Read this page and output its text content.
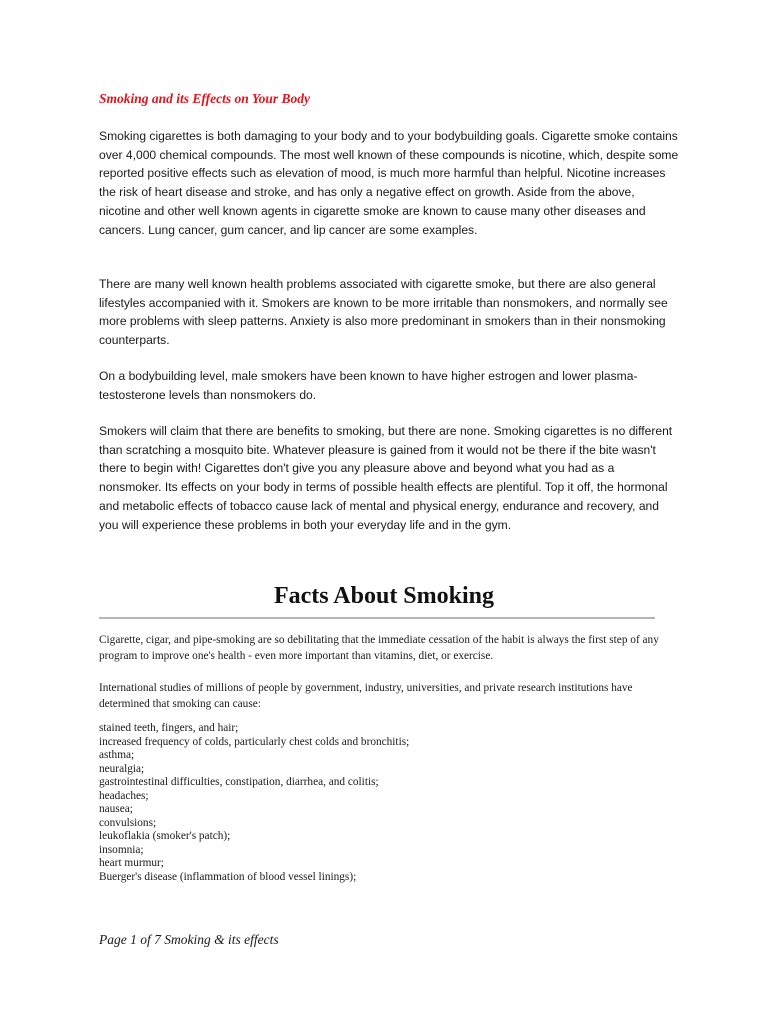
Smoking and its Effects on Your Body

Smoking cigarettes is both damaging to your body and to your bodybuilding goals. Cigarette smoke contains over 4,000 chemical compounds. The most well known of these compounds is nicotine, which, despite some reported positive effects such as elevation of mood, is much more harmful than helpful. Nicotine increases the risk of heart disease and stroke, and has only a negative effect on growth. Aside from the above, nicotine and other well known agents in cigarette smoke are known to cause many other diseases and cancers. Lung cancer, gum cancer, and lip cancer are some examples.

There are many well known health problems associated with cigarette smoke, but there are also general lifestyles accompanied with it. Smokers are known to be more irritable than nonsmokers, and normally see more problems with sleep patterns. Anxiety is also more predominant in smokers than in their nonsmoking counterparts.

On a bodybuilding level, male smokers have been known to have higher estrogen and lower plasma-testosterone levels than nonsmokers do.

Smokers will claim that there are benefits to smoking, but there are none. Smoking cigarettes is no different than scratching a mosquito bite. Whatever pleasure is gained from it would not be there if the bite wasn't there to begin with! Cigarettes don't give you any pleasure above and beyond what you had as a nonsmoker. Its effects on your body in terms of possible health effects are plentiful. Top it off, the hormonal and metabolic effects of tobacco cause lack of mental and physical energy, endurance and recovery, and you will experience these problems in both your everyday life and in the gym.

Facts About Smoking

Cigarette, cigar, and pipe-smoking are so debilitating that the immediate cessation of the habit is always the first step of any program to improve one's health - even more important than vitamins, diet, or exercise.

International studies of millions of people by government, industry, universities, and private research institutions have determined that smoking can cause:

stained teeth, fingers, and hair;
increased frequency of colds, particularly chest colds and bronchitis;
asthma;
neuralgia;
gastrointestinal difficulties, constipation, diarrhea, and colitis;
headaches;
nausea;
convulsions;
leukoflakia (smoker's patch);
insomnia;
heart murmur;
Buerger's disease (inflammation of blood vessel linings);

Page 1 of 7 Smoking & its effects
